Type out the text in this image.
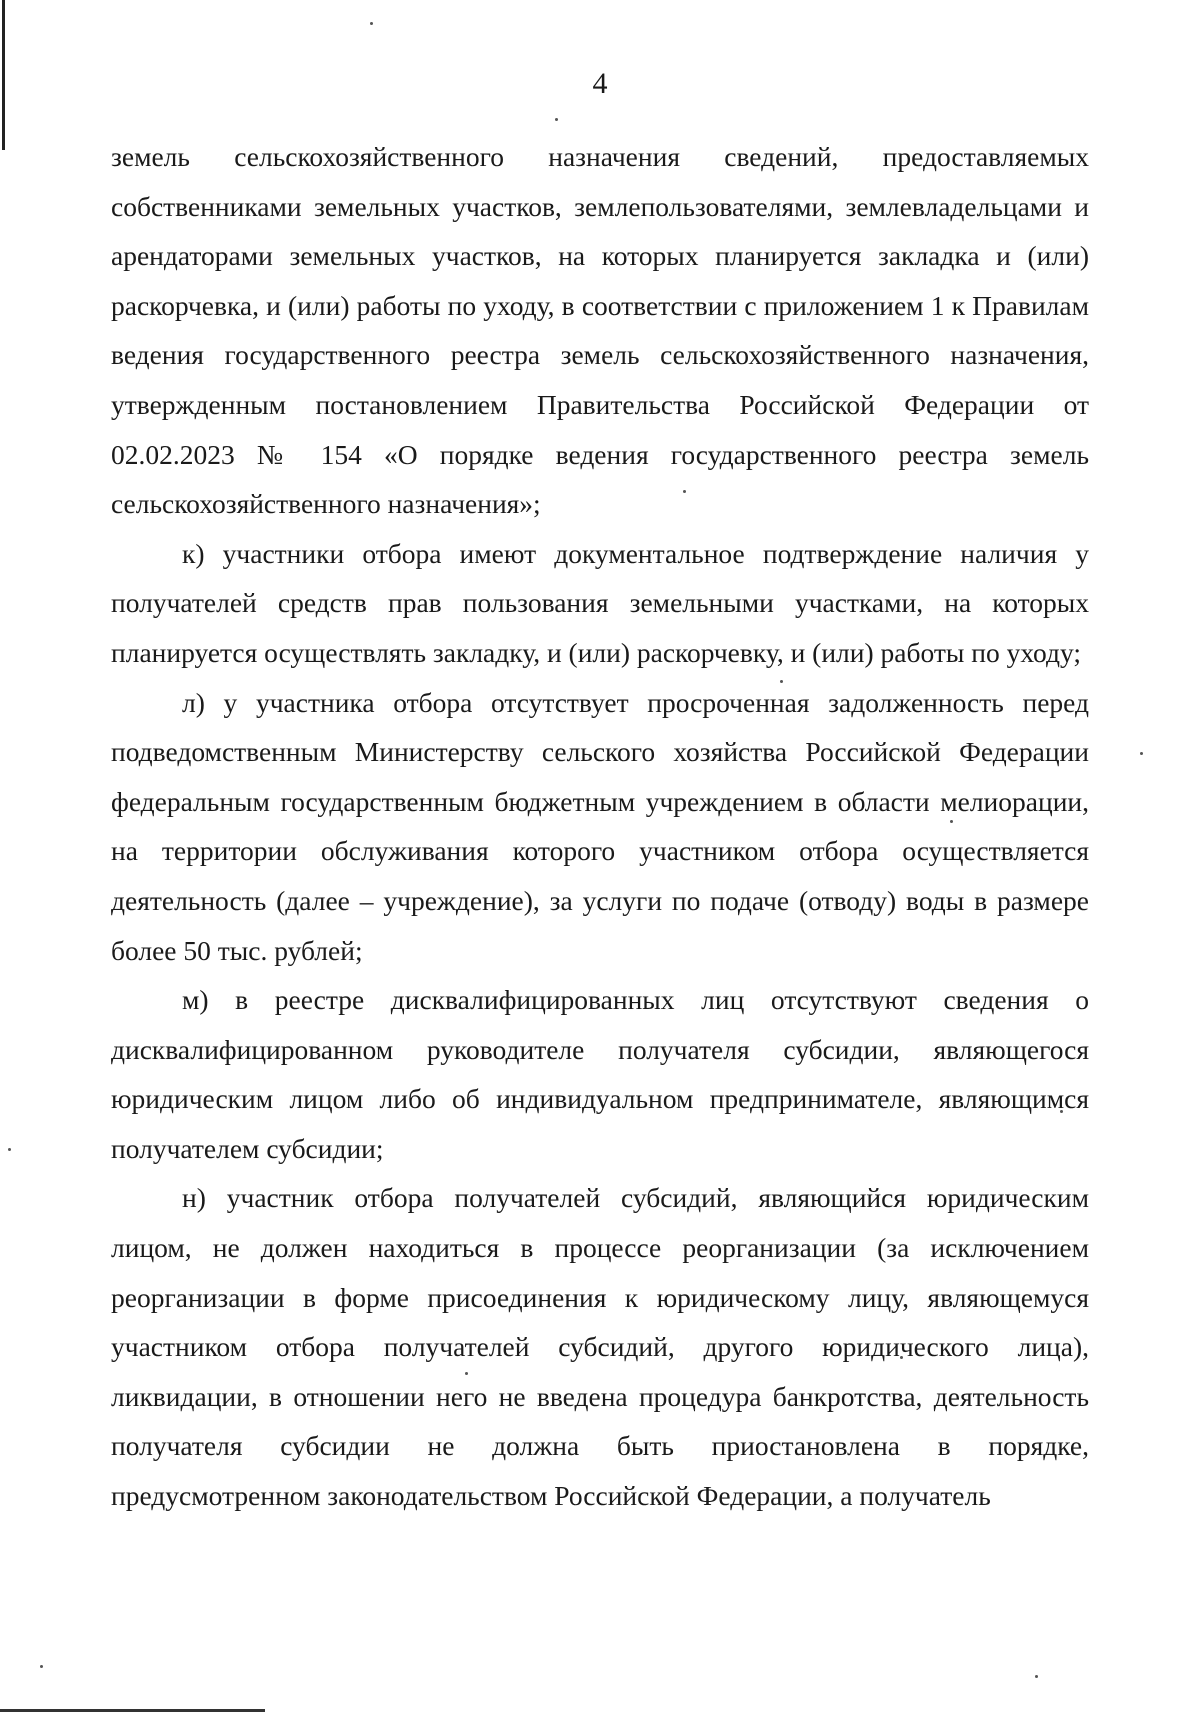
4

земель сельскохозяйственного назначения сведений, предоставляемых собственниками земельных участков, землепользователями, землевладельцами и арендаторами земельных участков, на которых планируется закладка и (или) раскорчевка, и (или) работы по уходу, в соответствии с приложением 1 к Правилам ведения государственного реестра земель сельскохозяйственного назначения, утвержденным постановлением Правительства Российской Федерации от 02.02.2023 № 154 «О порядке ведения государственного реестра земель сельскохозяйственного назначения»;

к) участники отбора имеют документальное подтверждение наличия у получателей средств прав пользования земельными участками, на которых планируется осуществлять закладку, и (или) раскорчевку, и (или) работы по уходу;

л) у участника отбора отсутствует просроченная задолженность перед подведомственным Министерству сельского хозяйства Российской Федерации федеральным государственным бюджетным учреждением в области мелиорации, на территории обслуживания которого участником отбора осуществляется деятельность (далее – учреждение), за услуги по подаче (отводу) воды в размере более 50 тыс. рублей;

м) в реестре дисквалифицированных лиц отсутствуют сведения о дисквалифицированном руководителе получателя субсидии, являющегося юридическим лицом либо об индивидуальном предпринимателе, являющимся получателем субсидии;

н) участник отбора получателей субсидий, являющийся юридическим лицом, не должен находиться в процессе реорганизации (за исключением реорганизации в форме присоединения к юридическому лицу, являющемуся участником отбора получателей субсидий, другого юридического лица), ликвидации, в отношении него не введена процедура банкротства, деятельность получателя субсидии не должна быть приостановлена в порядке, предусмотренном законодательством Российской Федерации, а получатель
